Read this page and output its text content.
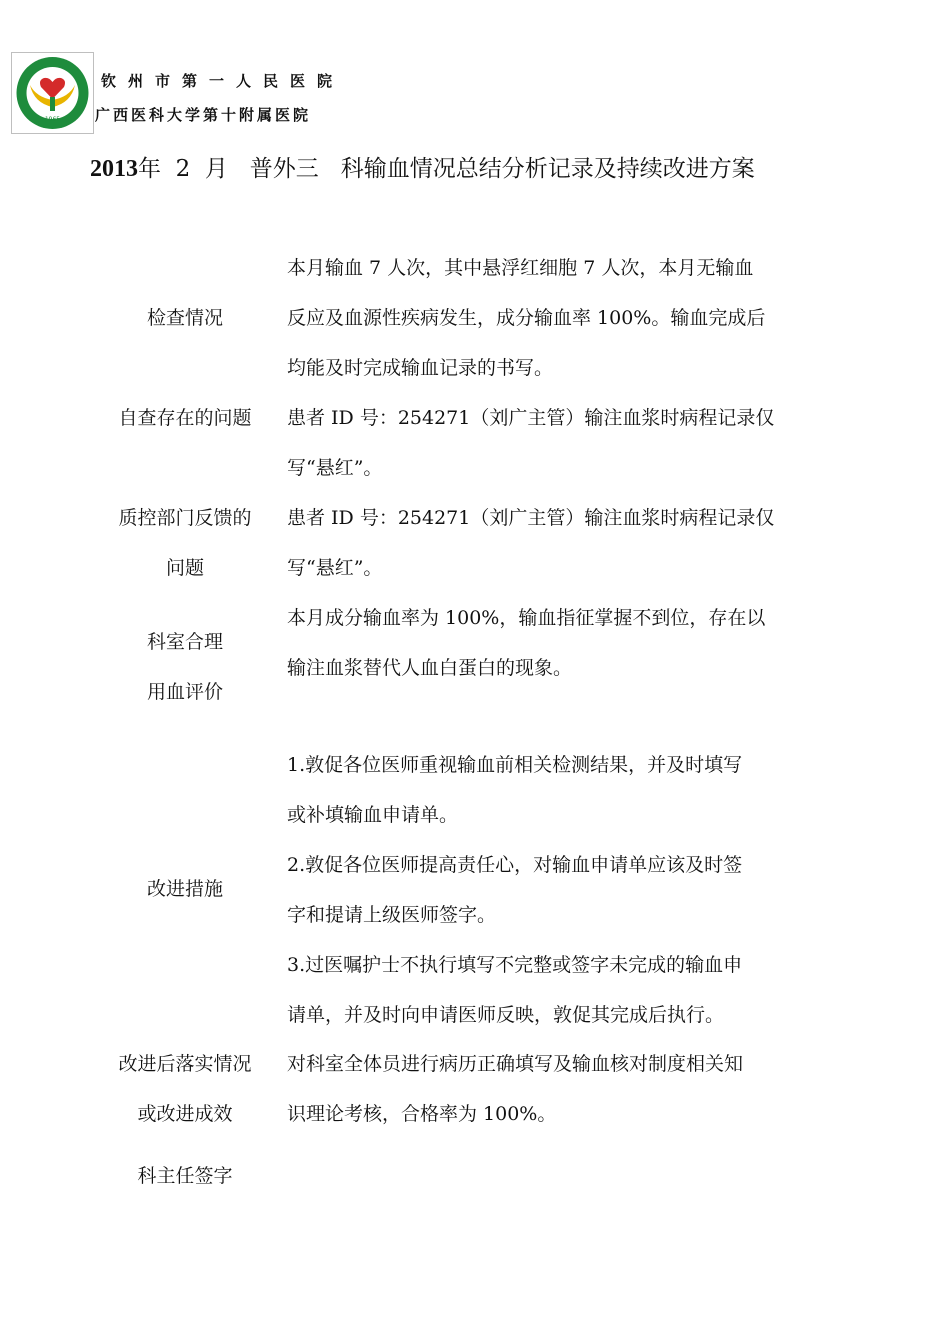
1965
钦州市第一人民医院
广西医科大学第十附属医院
2013年  2  月   普外三   科输血情况总结分析记录及持续改进方案
检查情况
本月输血 7 人次，其中悬浮红细胞 7 人次，本月无输血
反应及血源性疾病发生，成分输血率 100%。输血完成后
均能及时完成输血记录的书写。
自查存在的问题	患者 ID 号：254271（刘广主管）输注血浆时病程记录仅
写“悬红”。
质控部门反馈的
问题
患者 ID 号：254271（刘广主管）输注血浆时病程记录仅
写“悬红”。
科室合理
用血评价
本月成分输血率为 100%，输血指征掌握不到位，存在以
输注血浆替代人血白蛋白的现象。
改进措施
1.敦促各位医师重视输血前相关检测结果，并及时填写
或补填输血申请单。
2.敦促各位医师提高责任心，对输血申请单应该及时签
字和提请上级医师签字。
3.过医嘱护士不执行填写不完整或签字未完成的输血申
请单，并及时向申请医师反映，敦促其完成后执行。
改进后落实情况
或改进成效
对科室全体员进行病历正确填写及输血核对制度相关知
识理论考核，合格率为 100%。
科主任签字
